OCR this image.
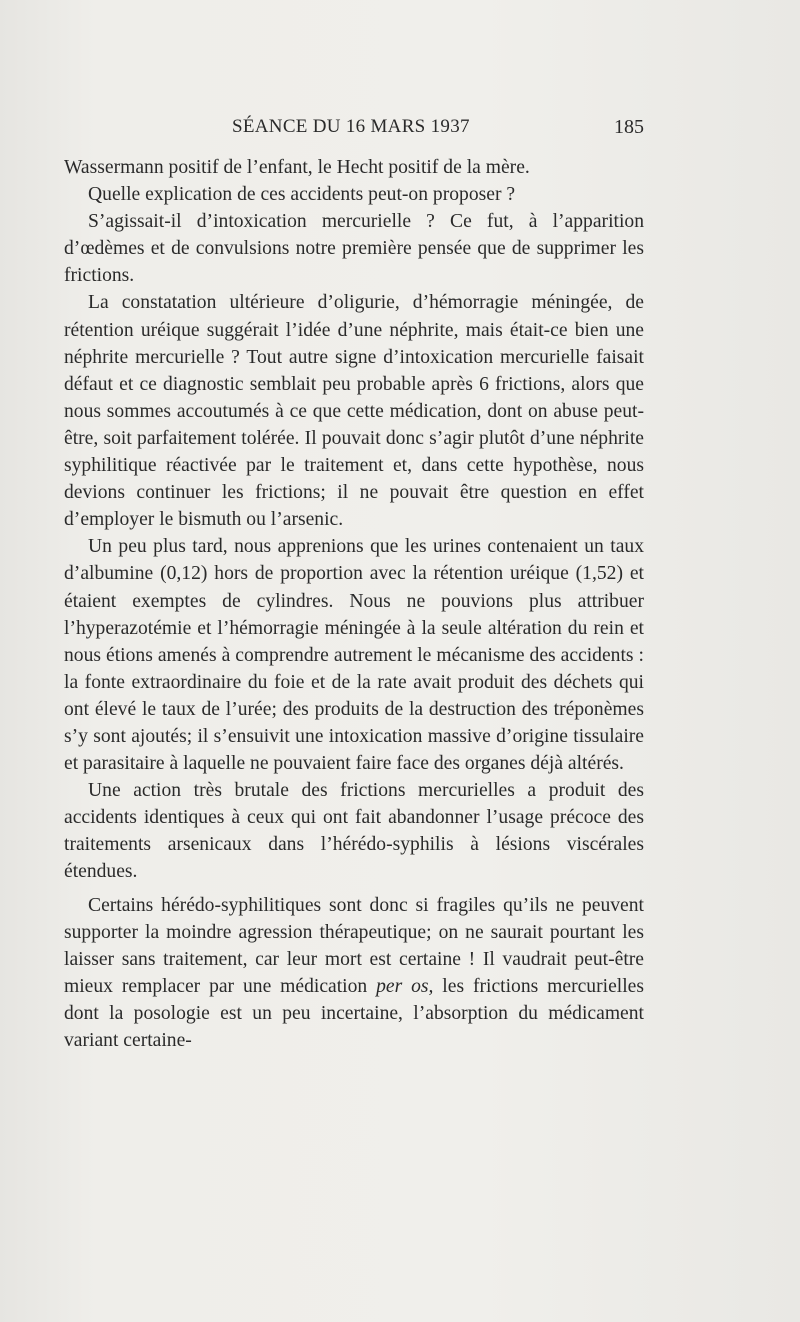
SÉANCE DU 16 MARS 1937	185

Wassermann positif de l’enfant, le Hecht positif de la mère.

Quelle explication de ces accidents peut-on proposer ?

S’agissait-il d’intoxication mercurielle ? Ce fut, à l’apparition d’œdèmes et de convulsions notre première pensée que de supprimer les frictions.

La constatation ultérieure d’oligurie, d’hémorragie méningée, de rétention uréique suggérait l’idée d’une néphrite, mais était-ce bien une néphrite mercurielle ? Tout autre signe d’intoxication mercurielle faisait défaut et ce diagnostic semblait peu probable après 6 frictions, alors que nous sommes accoutumés à ce que cette médication, dont on abuse peut-être, soit parfaitement tolérée. Il pouvait donc s’agir plutôt d’une néphrite syphilitique réactivée par le traitement et, dans cette hypothèse, nous devions continuer les frictions; il ne pouvait être question en effet d’employer le bismuth ou l’arsenic.

Un peu plus tard, nous apprenions que les urines contenaient un taux d’albumine (0,12) hors de proportion avec la rétention uréique (1,52) et étaient exemptes de cylindres. Nous ne pouvions plus attribuer l’hyperazotémie et l’hémorragie méningée à la seule altération du rein et nous étions amenés à comprendre autrement le mécanisme des accidents : la fonte extraordinaire du foie et de la rate avait produit des déchets qui ont élevé le taux de l’urée; des produits de la destruction des tréponèmes s’y sont ajoutés; il s’ensuivit une intoxication massive d’origine tissulaire et parasitaire à laquelle ne pouvaient faire face des organes déjà altérés.

Une action très brutale des frictions mercurielles a produit des accidents identiques à ceux qui ont fait abandonner l’usage précoce des traitements arsenicaux dans l’hérédo-syphilis à lésions viscérales étendues.

Certains hérédo-syphilitiques sont donc si fragiles qu’ils ne peuvent supporter la moindre agression thérapeutique; on ne saurait pourtant les laisser sans traitement, car leur mort est certaine ! Il vaudrait peut-être mieux remplacer par une médication per os, les frictions mercurielles dont la posologie est un peu incertaine, l’absorption du médicament variant certaine-
